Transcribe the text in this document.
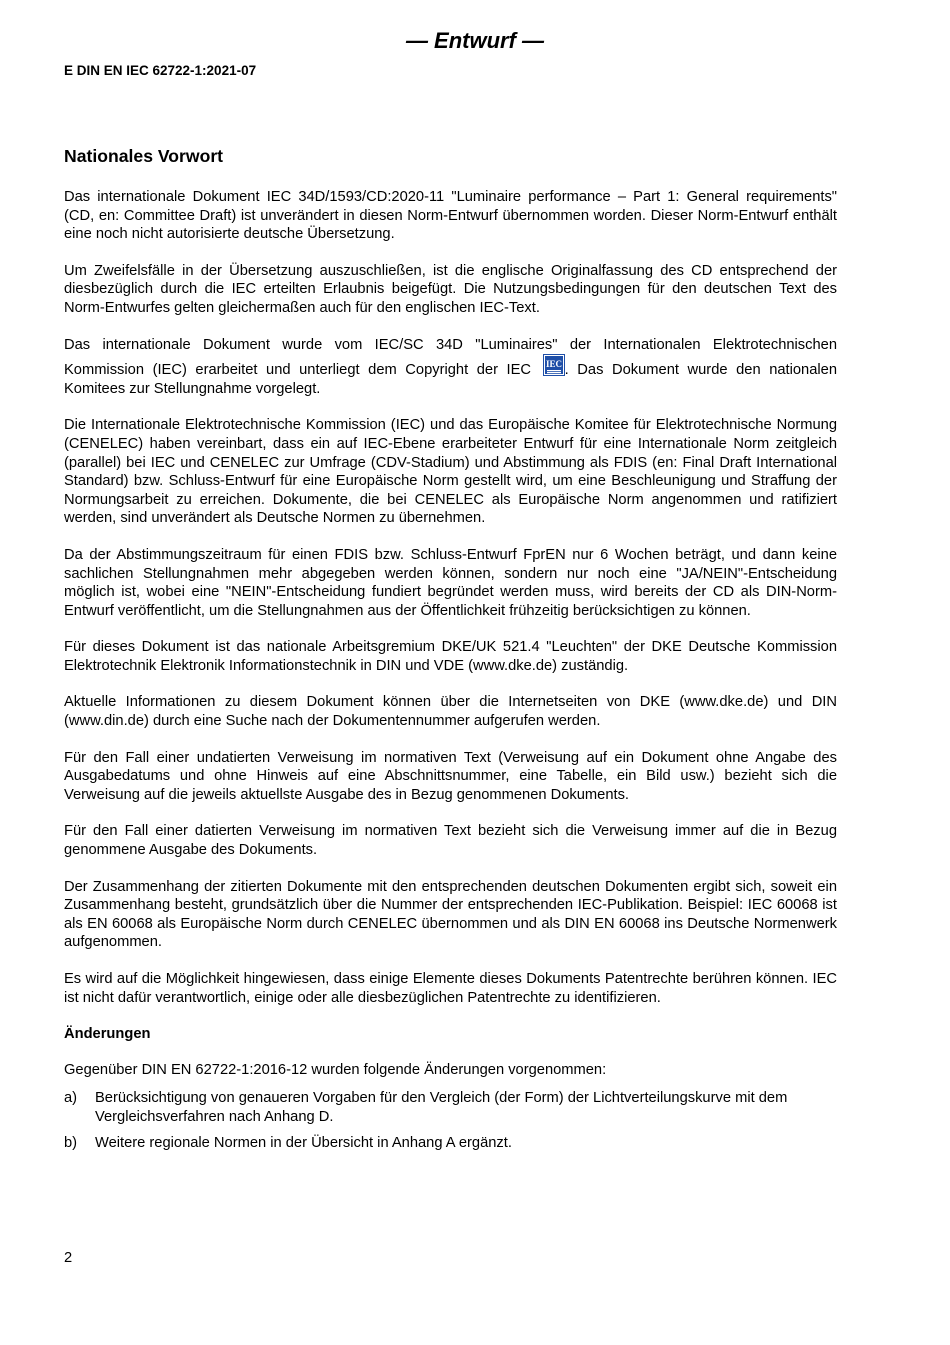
— Entwurf —
E DIN EN IEC 62722-1:2021-07
Nationales Vorwort

Das internationale Dokument IEC 34D/1593/CD:2020-11 "Luminaire performance – Part 1: General requirements" (CD, en: Committee Draft) ist unverändert in diesen Norm-Entwurf übernommen worden. Dieser Norm-Entwurf enthält eine noch nicht autorisierte deutsche Übersetzung.

Um Zweifelsfälle in der Übersetzung auszuschließen, ist die englische Originalfassung des CD entsprechend der diesbezüglich durch die IEC erteilten Erlaubnis beigefügt. Die Nutzungsbedingungen für den deutschen Text des Norm-Entwurfes gelten gleichermaßen auch für den englischen IEC-Text.

Das internationale Dokument wurde vom IEC/SC 34D "Luminaires" der Internationalen Elektrotechnischen Kommission (IEC) erarbeitet und unterliegt dem Copyright der IEC IEC . Das Dokument wurde den nationalen Komitees zur Stellungnahme vorgelegt.

Die Internationale Elektrotechnische Kommission (IEC) und das Europäische Komitee für Elektrotechnische Normung (CENELEC) haben vereinbart, dass ein auf IEC-Ebene erarbeiteter Entwurf für eine Internationale Norm zeitgleich (parallel) bei IEC und CENELEC zur Umfrage (CDV-Stadium) und Abstimmung als FDIS (en: Final Draft International Standard) bzw. Schluss-Entwurf für eine Europäische Norm gestellt wird, um eine Beschleunigung und Straffung der Normungsarbeit zu erreichen. Dokumente, die bei CENELEC als Europäische Norm angenommen und ratifiziert werden, sind unverändert als Deutsche Normen zu übernehmen.

Da der Abstimmungszeitraum für einen FDIS bzw. Schluss-Entwurf FprEN nur 6 Wochen beträgt, und dann keine sachlichen Stellungnahmen mehr abgegeben werden können, sondern nur noch eine "JA/NEIN"-Entscheidung möglich ist, wobei eine "NEIN"-Entscheidung fundiert begründet werden muss, wird bereits der CD als DIN-Norm-Entwurf veröffentlicht, um die Stellungnahmen aus der Öffentlichkeit frühzeitig berücksichtigen zu können.

Für dieses Dokument ist das nationale Arbeitsgremium DKE/UK 521.4 "Leuchten" der DKE Deutsche Kommission Elektrotechnik Elektronik Informationstechnik in DIN und VDE (www.dke.de) zuständig.

Aktuelle Informationen zu diesem Dokument können über die Internetseiten von DKE (www.dke.de) und DIN (www.din.de) durch eine Suche nach der Dokumentennummer aufgerufen werden.

Für den Fall einer undatierten Verweisung im normativen Text (Verweisung auf ein Dokument ohne Angabe des Ausgabedatums und ohne Hinweis auf eine Abschnittsnummer, eine Tabelle, ein Bild usw.) bezieht sich die Verweisung auf die jeweils aktuellste Ausgabe des in Bezug genommenen Dokuments.

Für den Fall einer datierten Verweisung im normativen Text bezieht sich die Verweisung immer auf die in Bezug genommene Ausgabe des Dokuments.

Der Zusammenhang der zitierten Dokumente mit den entsprechenden deutschen Dokumenten ergibt sich, soweit ein Zusammenhang besteht, grundsätzlich über die Nummer der entsprechenden IEC-Publikation. Beispiel: IEC 60068 ist als EN 60068 als Europäische Norm durch CENELEC übernommen und als DIN EN 60068 ins Deutsche Normenwerk aufgenommen.

Es wird auf die Möglichkeit hingewiesen, dass einige Elemente dieses Dokuments Patentrechte berühren können. IEC ist nicht dafür verantwortlich, einige oder alle diesbezüglichen Patentrechte zu identifizieren.

Änderungen

Gegenüber DIN EN 62722-1:2016-12 wurden folgende Änderungen vorgenommen:

a)	Berücksichtigung von genaueren Vorgaben für den Vergleich (der Form) der Lichtverteilungskurve mit dem Vergleichsverfahren nach Anhang D.
b)	Weitere regionale Normen in der Übersicht in Anhang A ergänzt.
2
